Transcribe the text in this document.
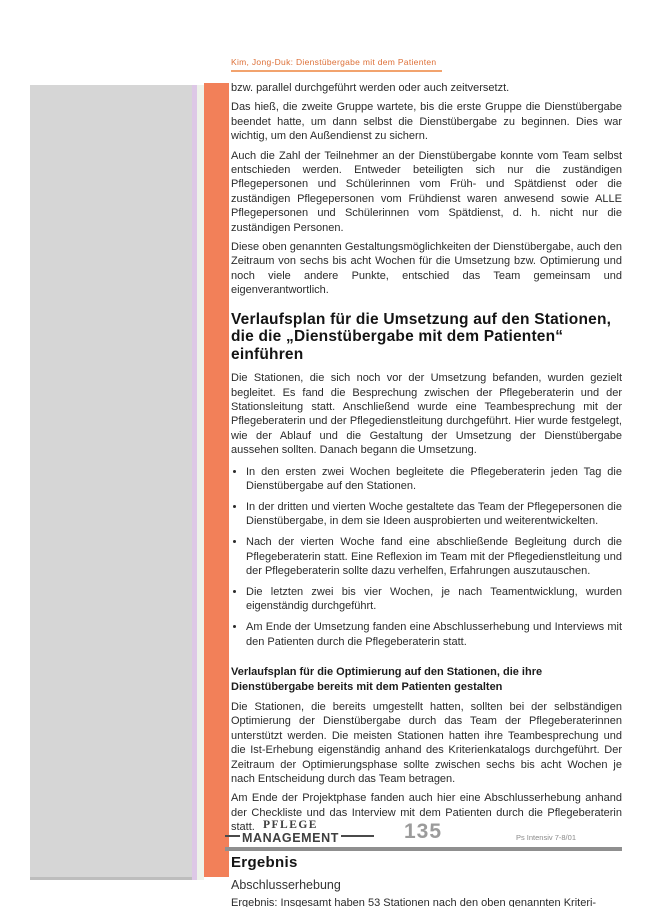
Kim, Jong-Duk: Dienstübergabe mit dem Patienten

bzw. parallel durchgeführt werden oder auch zeitversetzt.

Das hieß, die zweite Gruppe wartete, bis die erste Gruppe die Dienstübergabe beendet hatte, um dann selbst die Dienstübergabe zu beginnen. Dies war wichtig, um den Außendienst zu sichern.

Auch die Zahl der Teilnehmer an der Dienstübergabe konnte vom Team selbst entschieden werden. Entweder beteiligten sich nur die zuständigen Pflegepersonen und Schülerinnen vom Früh- und Spätdienst oder die zuständigen Pflegepersonen vom Frühdienst waren anwesend sowie ALLE Pflegepersonen und Schülerinnen vom Spätdienst, d. h. nicht nur die zuständigen Personen.

Diese oben genannten Gestaltungsmöglichkeiten der Dienstübergabe, auch den Zeitraum von sechs bis acht Wochen für die Umsetzung bzw. Optimierung und noch viele andere Punkte, entschied das Team gemeinsam und eigenverantwortlich.

Verlaufsplan für die Umsetzung auf den Stationen, die die „Dienstübergabe mit dem Patienten“ einführen

Die Stationen, die sich noch vor der Umsetzung befanden, wurden gezielt begleitet. Es fand die Besprechung zwischen der Pflegeberaterin und der Stationsleitung statt. Anschließend wurde eine Teambesprechung mit der Pflegeberaterin und der Pflegedienstleitung durchgeführt. Hier wurde festgelegt, wie der Ablauf und die Gestaltung der Umsetzung der Dienstübergabe aussehen sollten. Danach begann die Umsetzung.

• In den ersten zwei Wochen begleitete die Pflegeberaterin jeden Tag die Dienstübergabe auf den Stationen.
• In der dritten und vierten Woche gestaltete das Team der Pflegepersonen die Dienstübergabe, in dem sie Ideen ausprobierten und weiterentwickelten.
• Nach der vierten Woche fand eine abschließende Begleitung durch die Pflegeberaterin statt. Eine Reflexion im Team mit der Pflegedienstleitung und der Pflegeberaterin sollte dazu verhelfen, Erfahrungen auszutauschen.
• Die letzten zwei bis vier Wochen, je nach Teamentwicklung, wurden eigenständig durchgeführt.
• Am Ende der Umsetzung fanden eine Abschlusserhebung und Interviews mit den Patienten durch die Pflegeberaterin statt.
Verlaufsplan für die Optimierung auf den Stationen, die ihre Dienstübergabe bereits mit dem Patienten gestalten

Die Stationen, die bereits umgestellt hatten, sollten bei der selbständigen Optimierung der Dienstübergabe durch das Team der Pflegeberaterinnen unterstützt werden. Die meisten Stationen hatten ihre Teambesprechung und die Ist-Erhebung eigenständig anhand des Kriterienkatalogs durchgeführt. Der Zeitraum der Optimierungsphase sollte zwischen sechs bis acht Wochen je nach Entscheidung durch das Team betragen.

Am Ende der Projektphase fanden auch hier eine Abschlusserhebung anhand der Checkliste und das Interview mit dem Patienten durch die Pflegeberaterin statt.

Ergebnis
Abschlusserhebung

Ergebnis: Insgesamt haben 53 Stationen nach den oben genannten Kriteri-

PFLEGE
MANAGEMENT	135	Ps Intensiv 7-8/01
